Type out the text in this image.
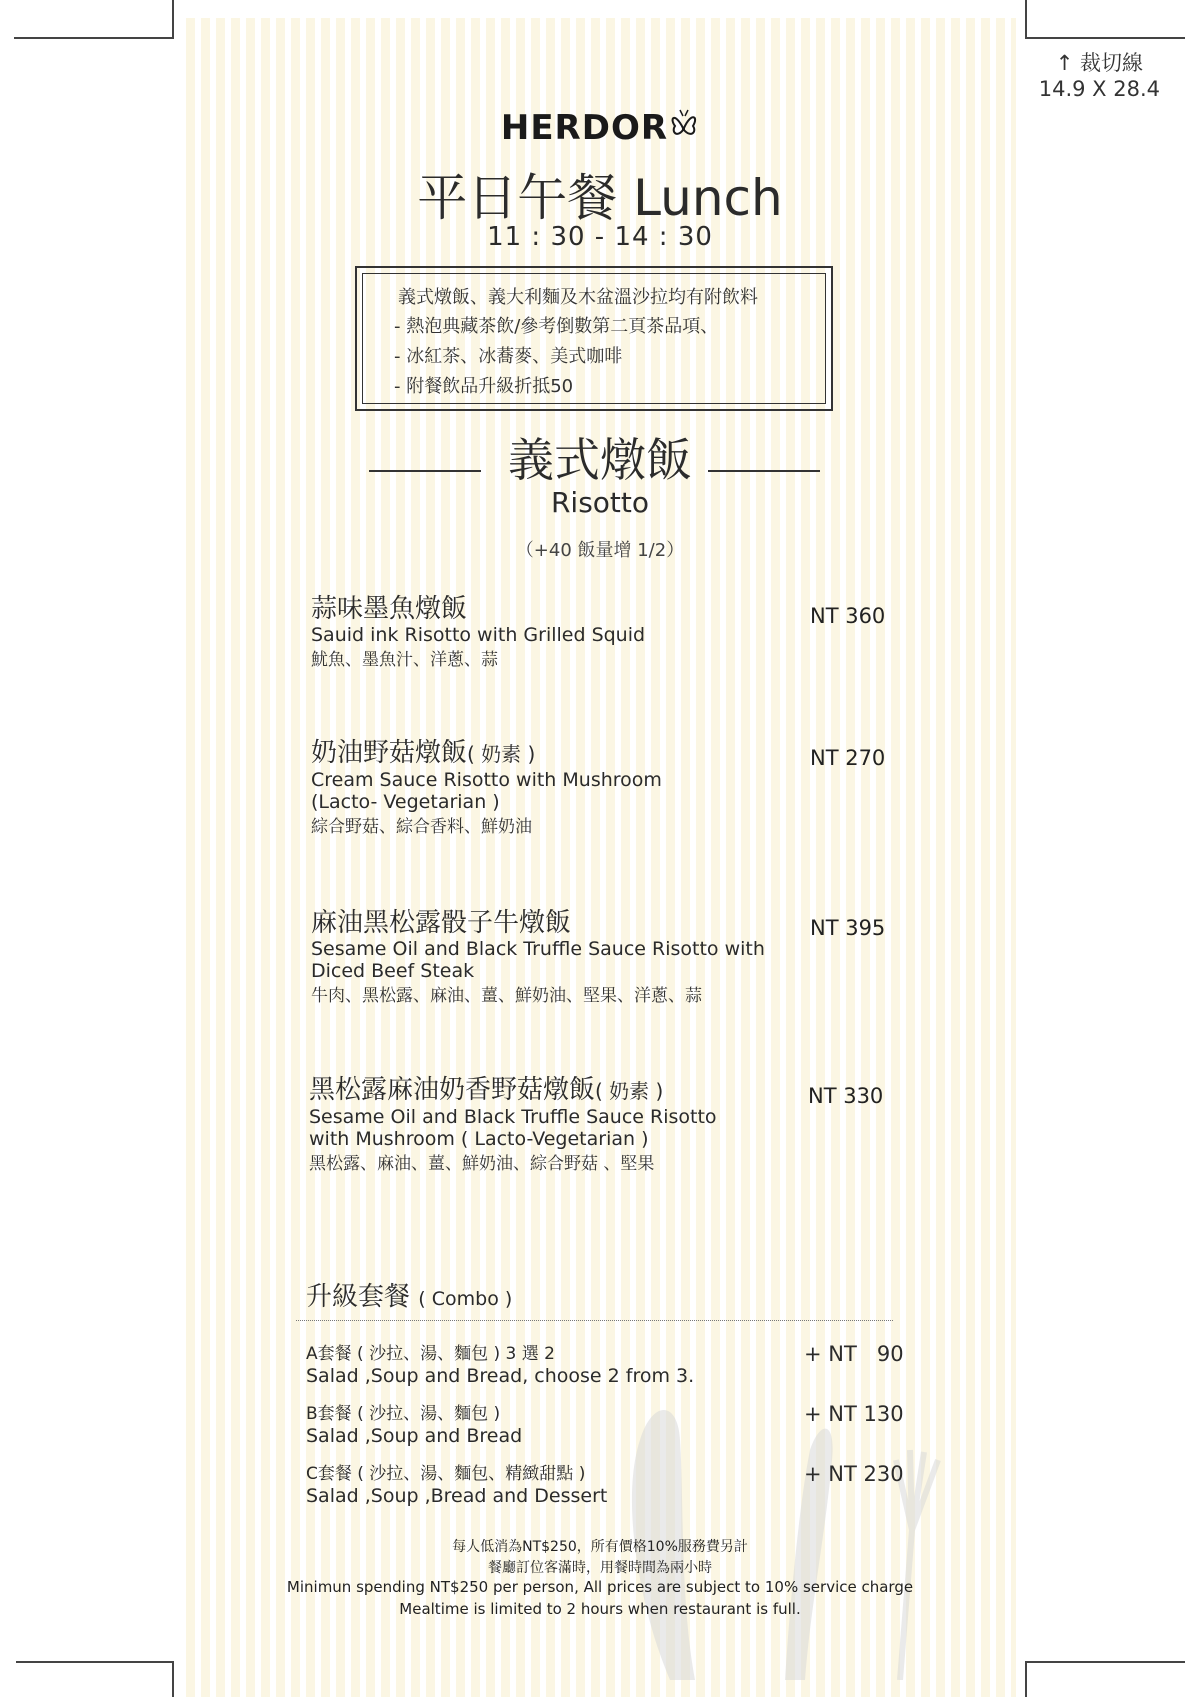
↑ 裁切線
14.9 X 28.4
HERDOR
平日午餐 Lunch
11 : 30 - 14 : 30
義式燉飯、義大利麵及木盆溫沙拉均有附飲料
- 熱泡典藏茶飲/參考倒數第二頁茶品項、
- 冰紅茶、冰蕎麥、美式咖啡
- 附餐飲品升級折抵50
義式燉飯
Risotto
（+40 飯量增 1/2）
蒜味墨魚燉飯
Sauid ink Risotto with Grilled Squid
魷魚、墨魚汁、洋蔥、蒜
NT 360
奶油野菇燉飯( 奶素 )
Cream Sauce Risotto with Mushroom
(Lacto- Vegetarian )
綜合野菇、綜合香料、鮮奶油
NT 270
麻油黑松露骰子牛燉飯
Sesame Oil and Black Truffle Sauce Risotto with
Diced Beef Steak
牛肉、黑松露、麻油、薑、鮮奶油、堅果、洋蔥、蒜
NT 395
黑松露麻油奶香野菇燉飯( 奶素 )
Sesame Oil and Black Truffle Sauce Risotto
with Mushroom ( Lacto-Vegetarian )
黑松露、麻油、薑、鮮奶油、綜合野菇 、堅果
NT 330
升級套餐 ( Combo )
A套餐 ( 沙拉、湯、麵包 ) 3 選 2
Salad ,Soup and Bread, choose 2 from 3.
+ NT   90
B套餐 ( 沙拉、湯、麵包 )
Salad ,Soup and Bread
+ NT 130
C套餐 ( 沙拉、湯、麵包、精緻甜點 )
Salad ,Soup ,Bread and Dessert
+ NT 230
每人低消為NT$250，所有價格10%服務費另計
餐廳訂位客滿時，用餐時間為兩小時
Minimun spending NT$250 per person, All prices are subject to 10% service charge
Mealtime is limited to 2 hours when restaurant is full.
